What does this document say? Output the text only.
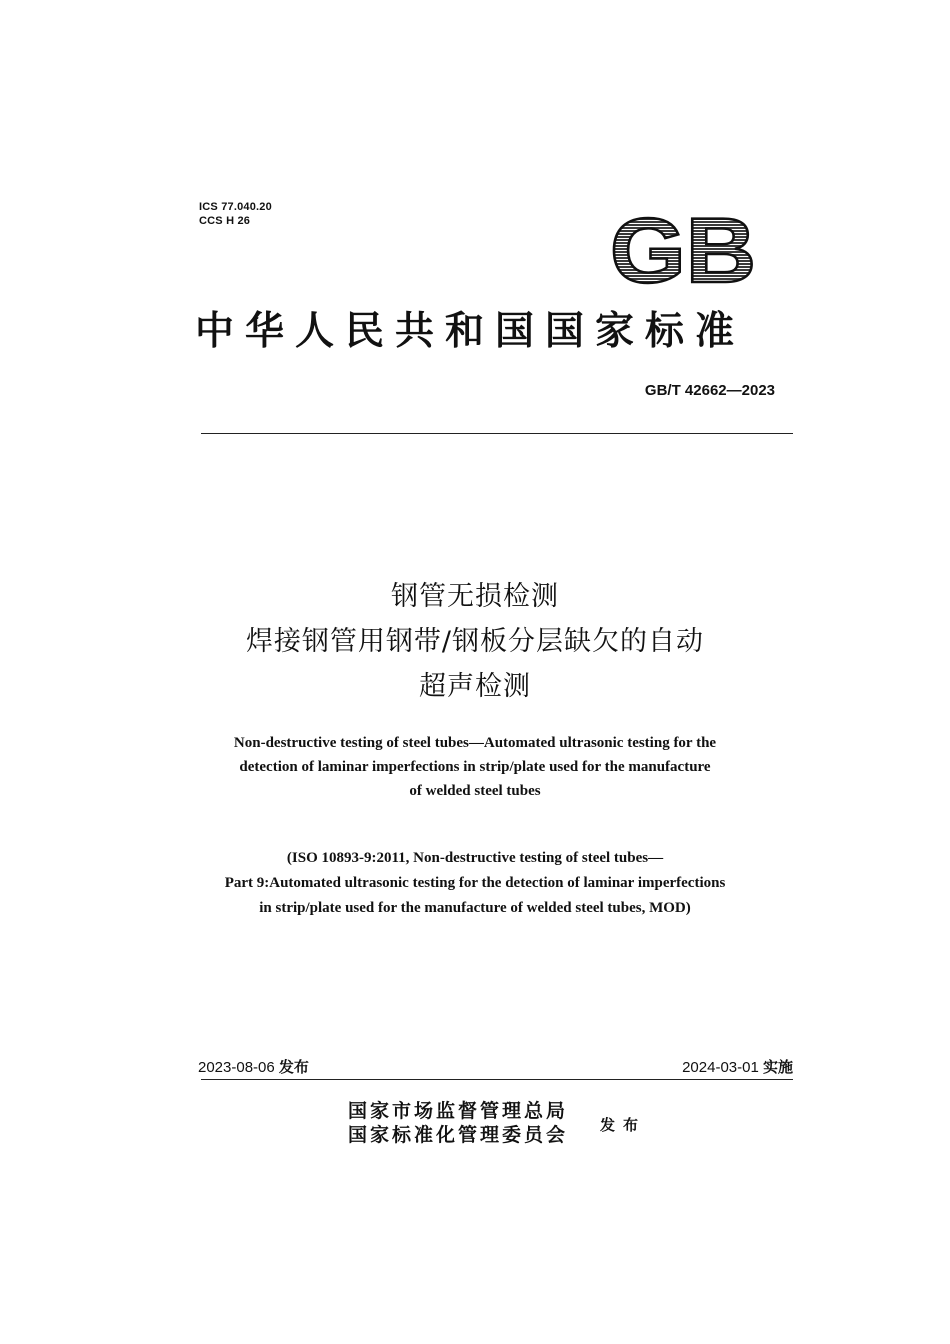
ICS 77.040.20
CCS H 26	GB
中华人民共和国国家标准
GB/T 42662—2023
钢管无损检测
焊接钢管用钢带/钢板分层缺欠的自动
超声检测
Non-destructive testing of steel tubes—Automated ultrasonic testing for the
detection of laminar imperfections in strip/plate used for the manufacture
of welded steel tubes
(ISO 10893-9:2011, Non-destructive testing of steel tubes—
Part 9:Automated ultrasonic testing for the detection of laminar imperfections
in strip/plate used for the manufacture of welded steel tubes, MOD)
2023-08-06 发布	2024-03-01 实施
国家市场监督管理总局
国家标准化管理委员会 发布
